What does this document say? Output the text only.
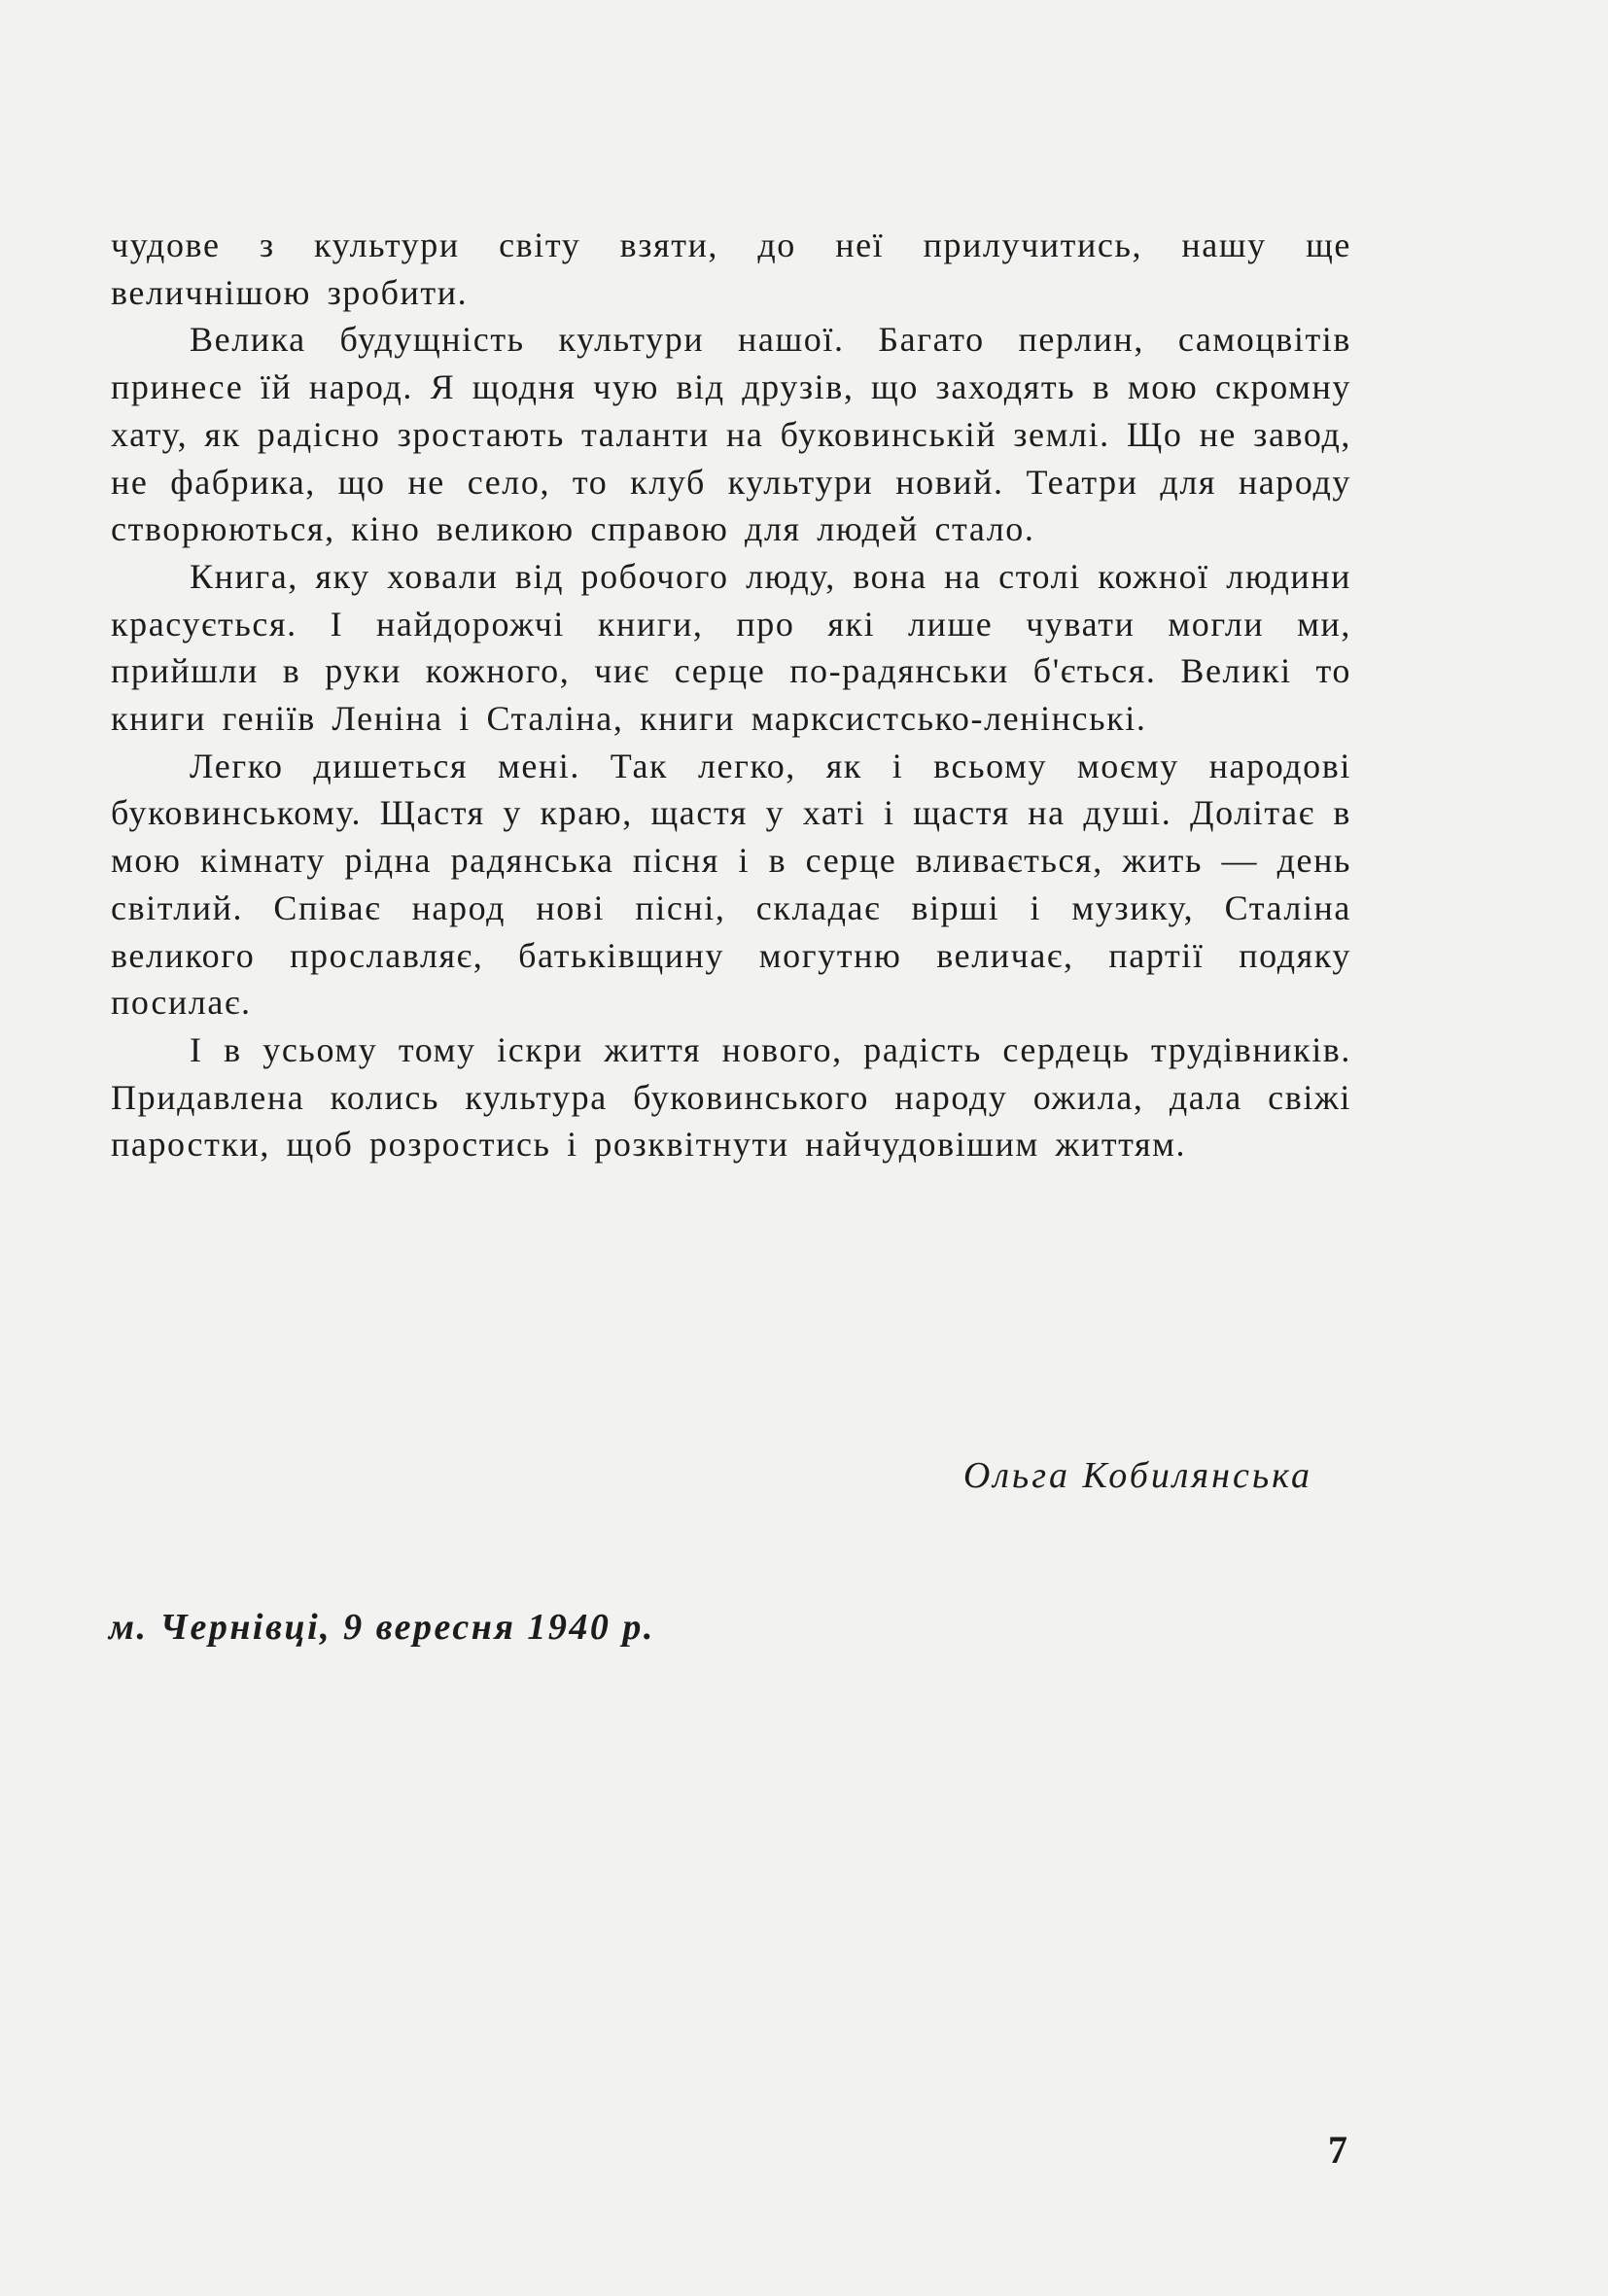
чудове з культури світу взяти, до неї прилучитись, нашу ще величнішою зробити.

Велика будущність культури нашої. Багато перлин, самоцвітів принесе їй народ. Я щодня чую від друзів, що заходять в мою скромну хату, як радісно зростають таланти на буковинській землі. Що не завод, не фабрика, що не село, то клуб культури новий. Театри для народу створюються, кіно великою справою для людей стало.

Книга, яку ховали від робочого люду, вона на столі кожної людини красується. І найдорожчі книги, про які лише чувати могли ми, прийшли в руки кожного, чиє серце по-радянськи б'ється. Великі то книги геніїв Леніна і Сталіна, книги марксистсько-ленінські.

Легко дишеться мені. Так легко, як і всьому моєму народові буковинському. Щастя у краю, щастя у хаті і щастя на душі. Долітає в мою кімнату рідна радянська пісня і в серце вливається, жить — день світлий. Співає народ нові пісні, складає вірші і музику, Сталіна великого прославляє, батьківщину могутню величає, партії подяку посилає.

І в усьому тому іскри життя нового, радість сердець трудівників. Придавлена колись культура буковинського народу ожила, дала свіжі паростки, щоб розростись і розквітнути найчудовішим життям.

Ольга Кобилянська
м. Чернівці, 9 вересня 1940 р.
7
